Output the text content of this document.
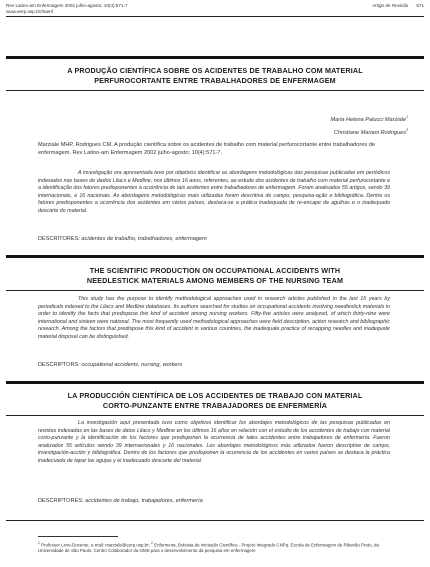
Rev Latino-am Enfermagem 2002 julho-agosto; 10(4):571-7
www.eerp.usp.br/rlaenf
Artigo de Revisão 571
A PRODUÇÃO CIENTÍFICA SOBRE OS ACIDENTES DE TRABALHO COM MATERIAL
PERFUROCORTANTE ENTRE TRABALHADORES DE ENFERMAGEM
Maria Helena Palucci Marziale$^1$
Christiane Mariani Rodrigues$^2$
Marziale MHP, Rodrigues CM. A produção científica sobre os acidentes de trabalho com material perfurocortante entre trabalhadores de enfermagem. Rev Latino-am Enfermagem 2002 julho-agosto; 10(4):571-7.

A investigação ora apresentada teve por objetivos identificar as abordagens metodológicas das pesquisas publicadas em periódicos indexados nas bases de dados Lilacs e Medline, nos últimos 16 anos, referentes, ao estudo dos acidentes de trabalho com material perfurocortante e a identificação dos fatores predisponentes à ocorrência de tais acidentes entre trabalhadores de enfermagem. Foram analisados 55 artigos, sendo 39 internacionais, e 16 nacionais. As abordagens metodológicas mais utilizadas foram descritiva de campo, pesquisa-ação e bibliográfica. Dentre os fatores predisponentes a ocorrência dos acidentes em vários países, destaca-se a prática inadequada de re-encape de agulhas e o inadequado descarte do material.

DESCRITORES: acidentes de trabalho, trabalhadores, enfermagem
THE SCIENTIFIC PRODUCTION ON OCCUPATIONAL ACCIDENTS WITH
NEEDLESTICK MATERIALS AMONG MEMBERS OF THE NURSING TEAM

This study has the purpose to identify methodological approaches used in research articles published in the last 16 years by periodicals indexed to the Lilacs and Medline databases. Its authors searched for studies on occupational accidents involving needlestick materials in order to identify the facts that predispose this kind of accident among nursing workers. Fifty-five articles were analyzed, of which thirty-nine were international and sixteen were national. The most frequently used methodological approaches were field description, action research and bibliographic research. Among the factors that predispose this kind of accident in various countries, the inadequate practice of recapping needles and inadequate material disposal can be distinguished.

DESCRIPTORS: occupational accidents, nursing, workers
LA PRODUCCIÓN CIENTÍFICA DE LOS ACCIDENTES DE TRABAJO CON MATERIAL
CORTO-PUNZANTE ENTRE TRABAJADORES DE ENFERMERÍA

La investigación aquí presentada tuvo como objetivos identificar los abordajes metodológicos de las pesquisas publicadas en revistas indexadas en las bases de datos Lilacs y Medline en los últimos 16 años en relación con el estudio de los accidentes de trabajo con material corto-punzante y la identificación de los factores que predisponen la ocurrencia de tales accidentes entre trabajadores de enfermería. Fueron analizados 55 artículos siendo 39 internacionales y 16 nacionales. Los abordajes metodológicos más utilizados fueron descriptive de campo, investigación-acción y bibliográfica. Dentro de los factores que predisponen la ocurrencia de los accidentes en varios países se destaca la práctica inadecuada de tapar las agujas y el inadecuado descarte del material.

DESCRIPTORES: accidentes de trabajo, trabajadores, enfermería
$^1$ Professor Livre-Docente, e-mail: marziale@eerp.usp.br; $^2$ Enfermeira, Bolsista de Iniciação Científica - Projeto Integrado CNPq. Escola de Enfermagem de Ribeirão Preto, da Universidade de São Paulo, Centro Colaborador da OMS para o desenvolvimento da pesquisa em enfermagem
